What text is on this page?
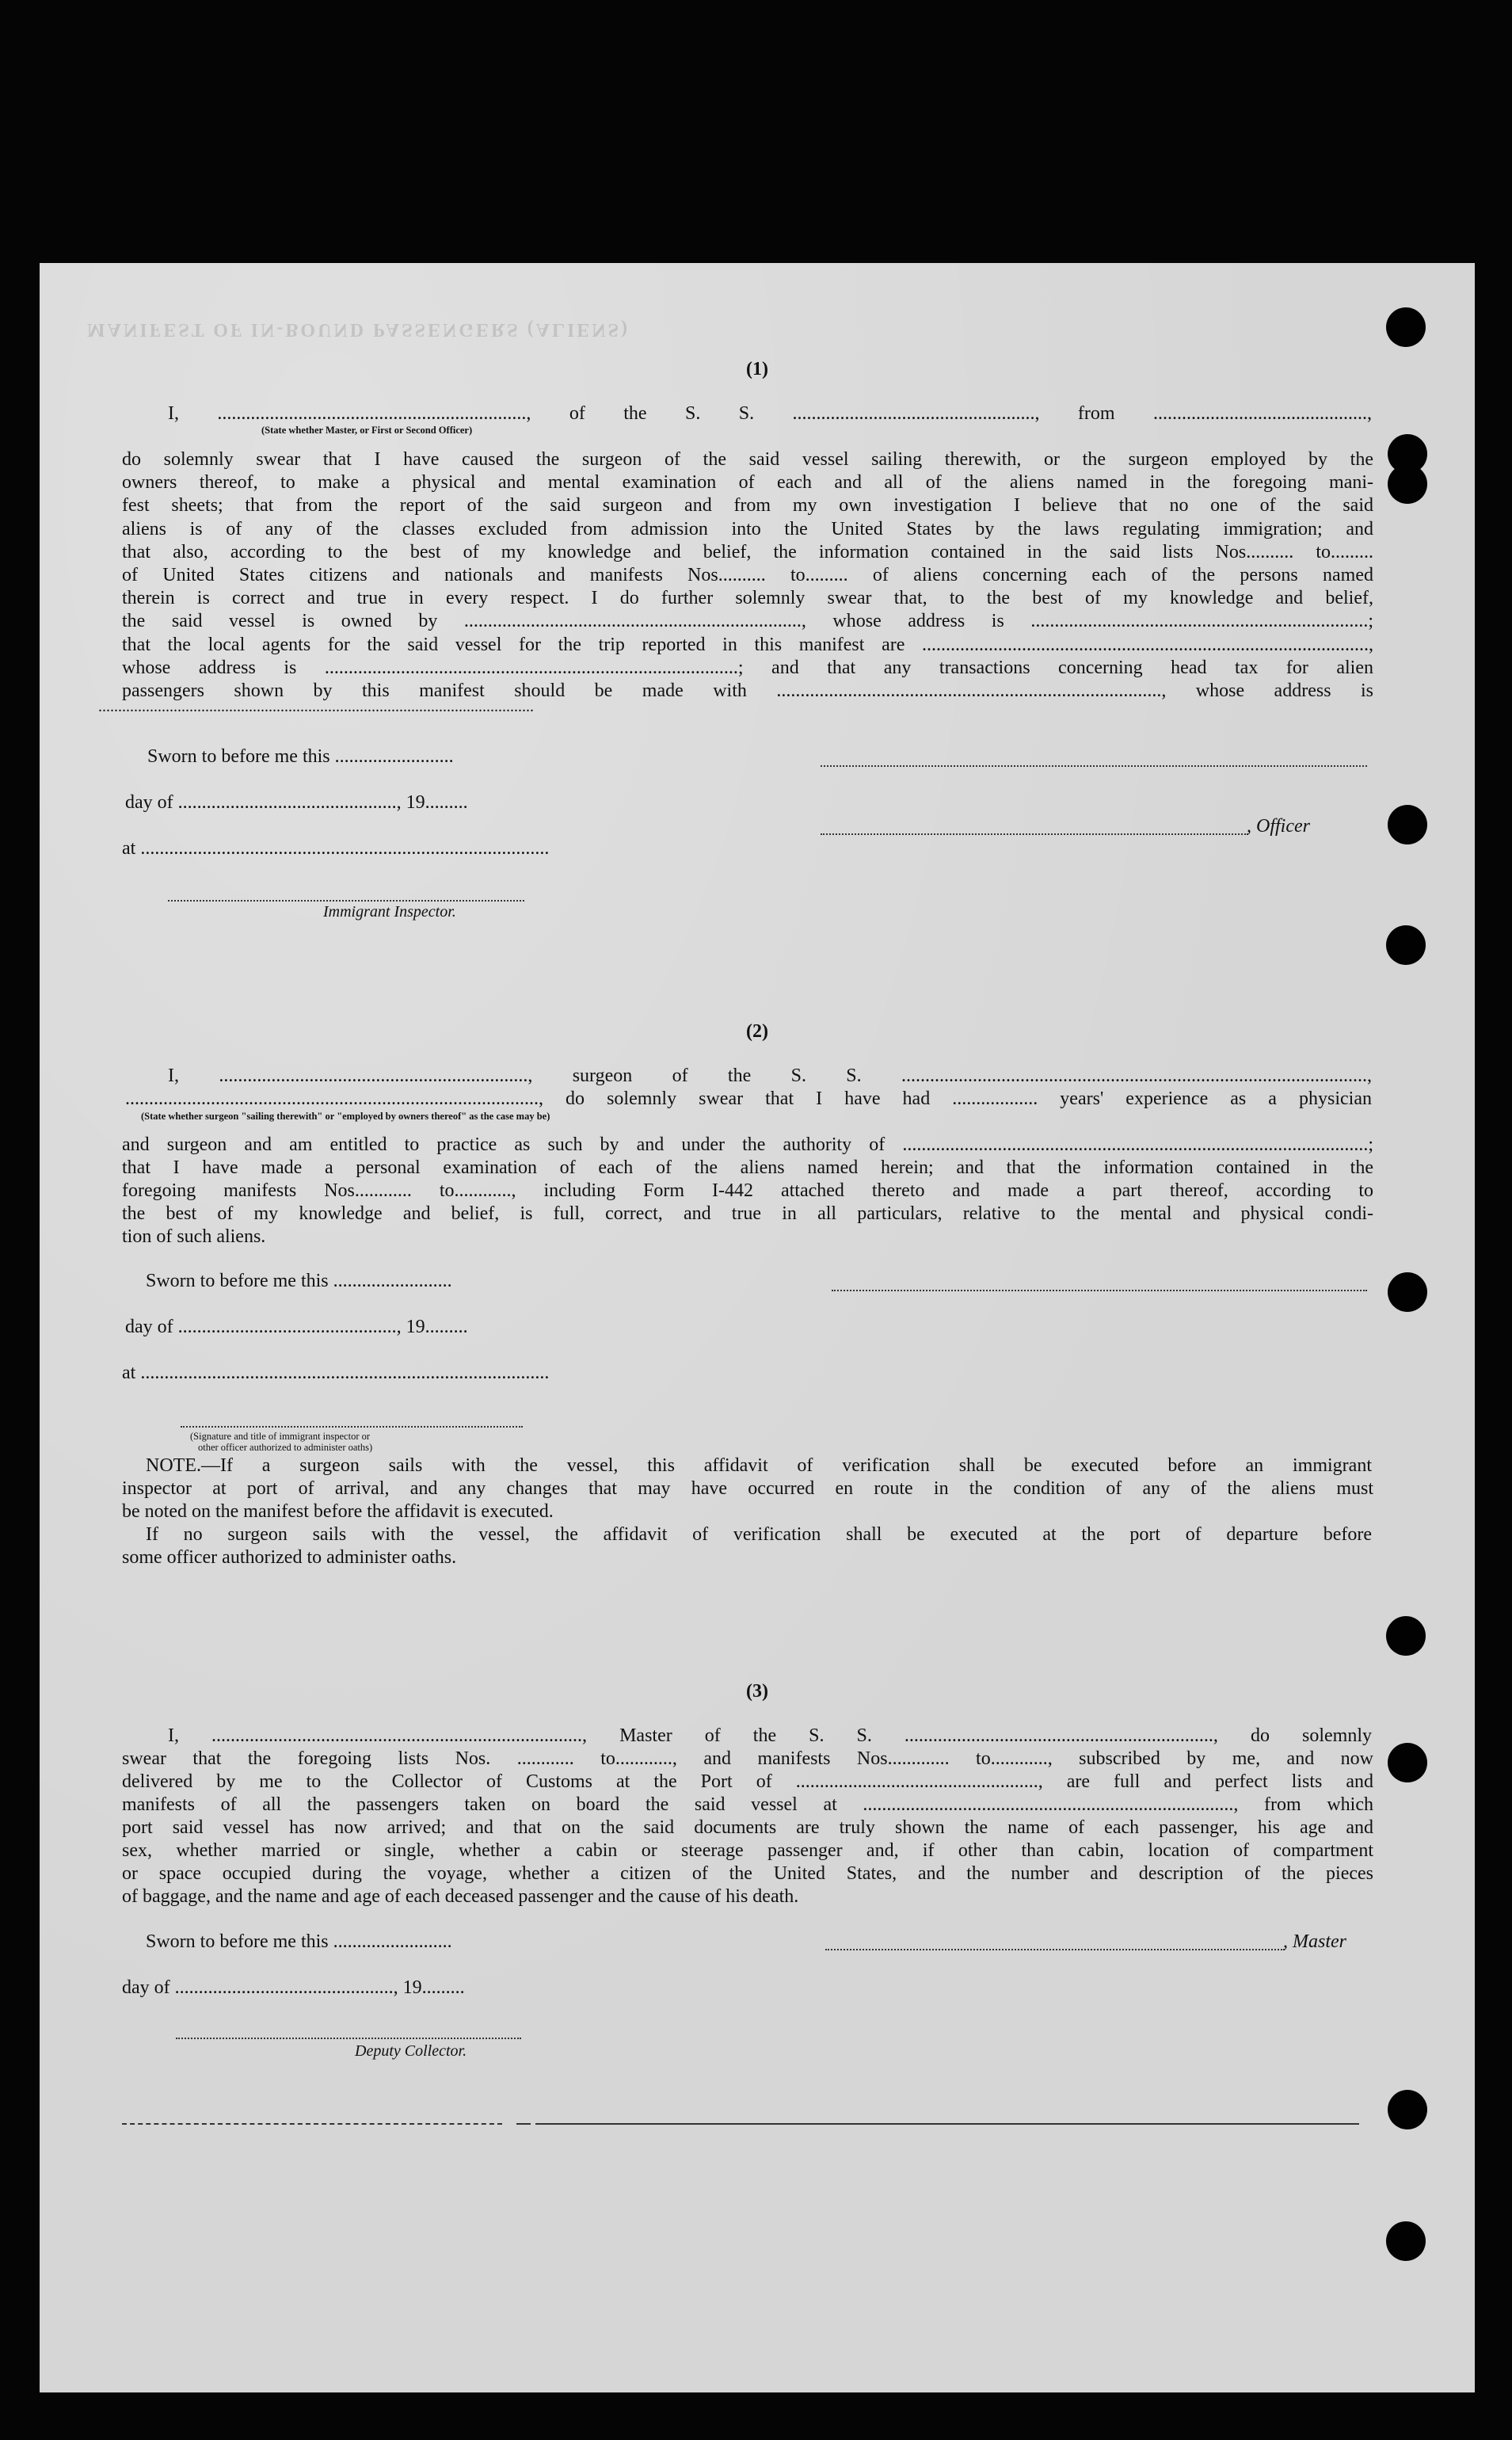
MANIFEST OF IN-BOUND PASSENGERS (ALIENS)
(1)
I, ................................................................., of the S. S. ..................................................., from .............................................,
(State whether Master, or First or Second Officer)
do solemnly swear that I have caused the surgeon of the said vessel sailing therewith, or the surgeon employed by the
owners thereof, to make a physical and mental examination of each and all of the aliens named in the foregoing mani-
fest sheets; that from the report of the said surgeon and from my own investigation I believe that no one of the said
aliens is of any of the classes excluded from admission into the United States by the laws regulating immigration; and
that also, according to the best of my knowledge and belief, the information contained in the said lists Nos.......... to.........
of United States citizens and nationals and manifests Nos.......... to......... of aliens concerning each of the persons named
therein is correct and true in every respect. I do further solemnly swear that, to the best of my knowledge and belief,
the said vessel is owned by ......................................................................., whose address is .......................................................................;
that the local agents for the said vessel for the trip reported in this manifest are ..............................................................................................,
whose address is .......................................................................................; and that any transactions concerning head tax for alien
passengers shown by this manifest should be made with ................................................................................., whose address is
..............................................................................................................
Sworn to before me this .........................
day of .............................................., 19.........
at ......................................................................................
Immigrant Inspector.
, Officer
(2)
I, ................................................................., surgeon of the S. S. ..................................................................................................,
......................................................................................., do solemnly swear that I have had .................. years' experience as a physician
(State whether surgeon "sailing therewith" or "employed by owners thereof" as the case may be)
and surgeon and am entitled to practice as such by and under the authority of ..................................................................................................;
that I have made a personal examination of each of the aliens named herein; and that the information contained in the
foregoing manifests Nos............ to............, including Form I-442 attached thereto and made a part thereof, according to
the best of my knowledge and belief, is full, correct, and true in all particulars, relative to the mental and physical condi-
tion of such aliens.
Sworn to before me this .........................
day of .............................................., 19.........
at ......................................................................................
(Signature and title of immigrant inspector or
other officer authorized to administer oaths)
NOTE.—If a surgeon sails with the vessel, this affidavit of verification shall be executed before an immigrant
inspector at port of arrival, and any changes that may have occurred en route in the condition of any of the aliens must
be noted on the manifest before the affidavit is executed.
If no surgeon sails with the vessel, the affidavit of verification shall be executed at the port of departure before
some officer authorized to administer oaths.
(3)
I, .............................................................................., Master of the S. S. ................................................................., do solemnly
swear that the foregoing lists Nos. ............ to............, and manifests Nos............. to............, subscribed by me, and now
delivered by me to the Collector of Customs at the Port of ..................................................., are full and perfect lists and
manifests of all the passengers taken on board the said vessel at .............................................................................., from which
port said vessel has now arrived; and that on the said documents are truly shown the name of each passenger, his age and
sex, whether married or single, whether a cabin or steerage passenger and, if other than cabin, location of compartment
or space occupied during the voyage, whether a citizen of the United States, and the number and description of the pieces
of baggage, and the name and age of each deceased passenger and the cause of his death.
Sworn to before me this .........................
day of .............................................., 19.........
, Master
Deputy Collector.
